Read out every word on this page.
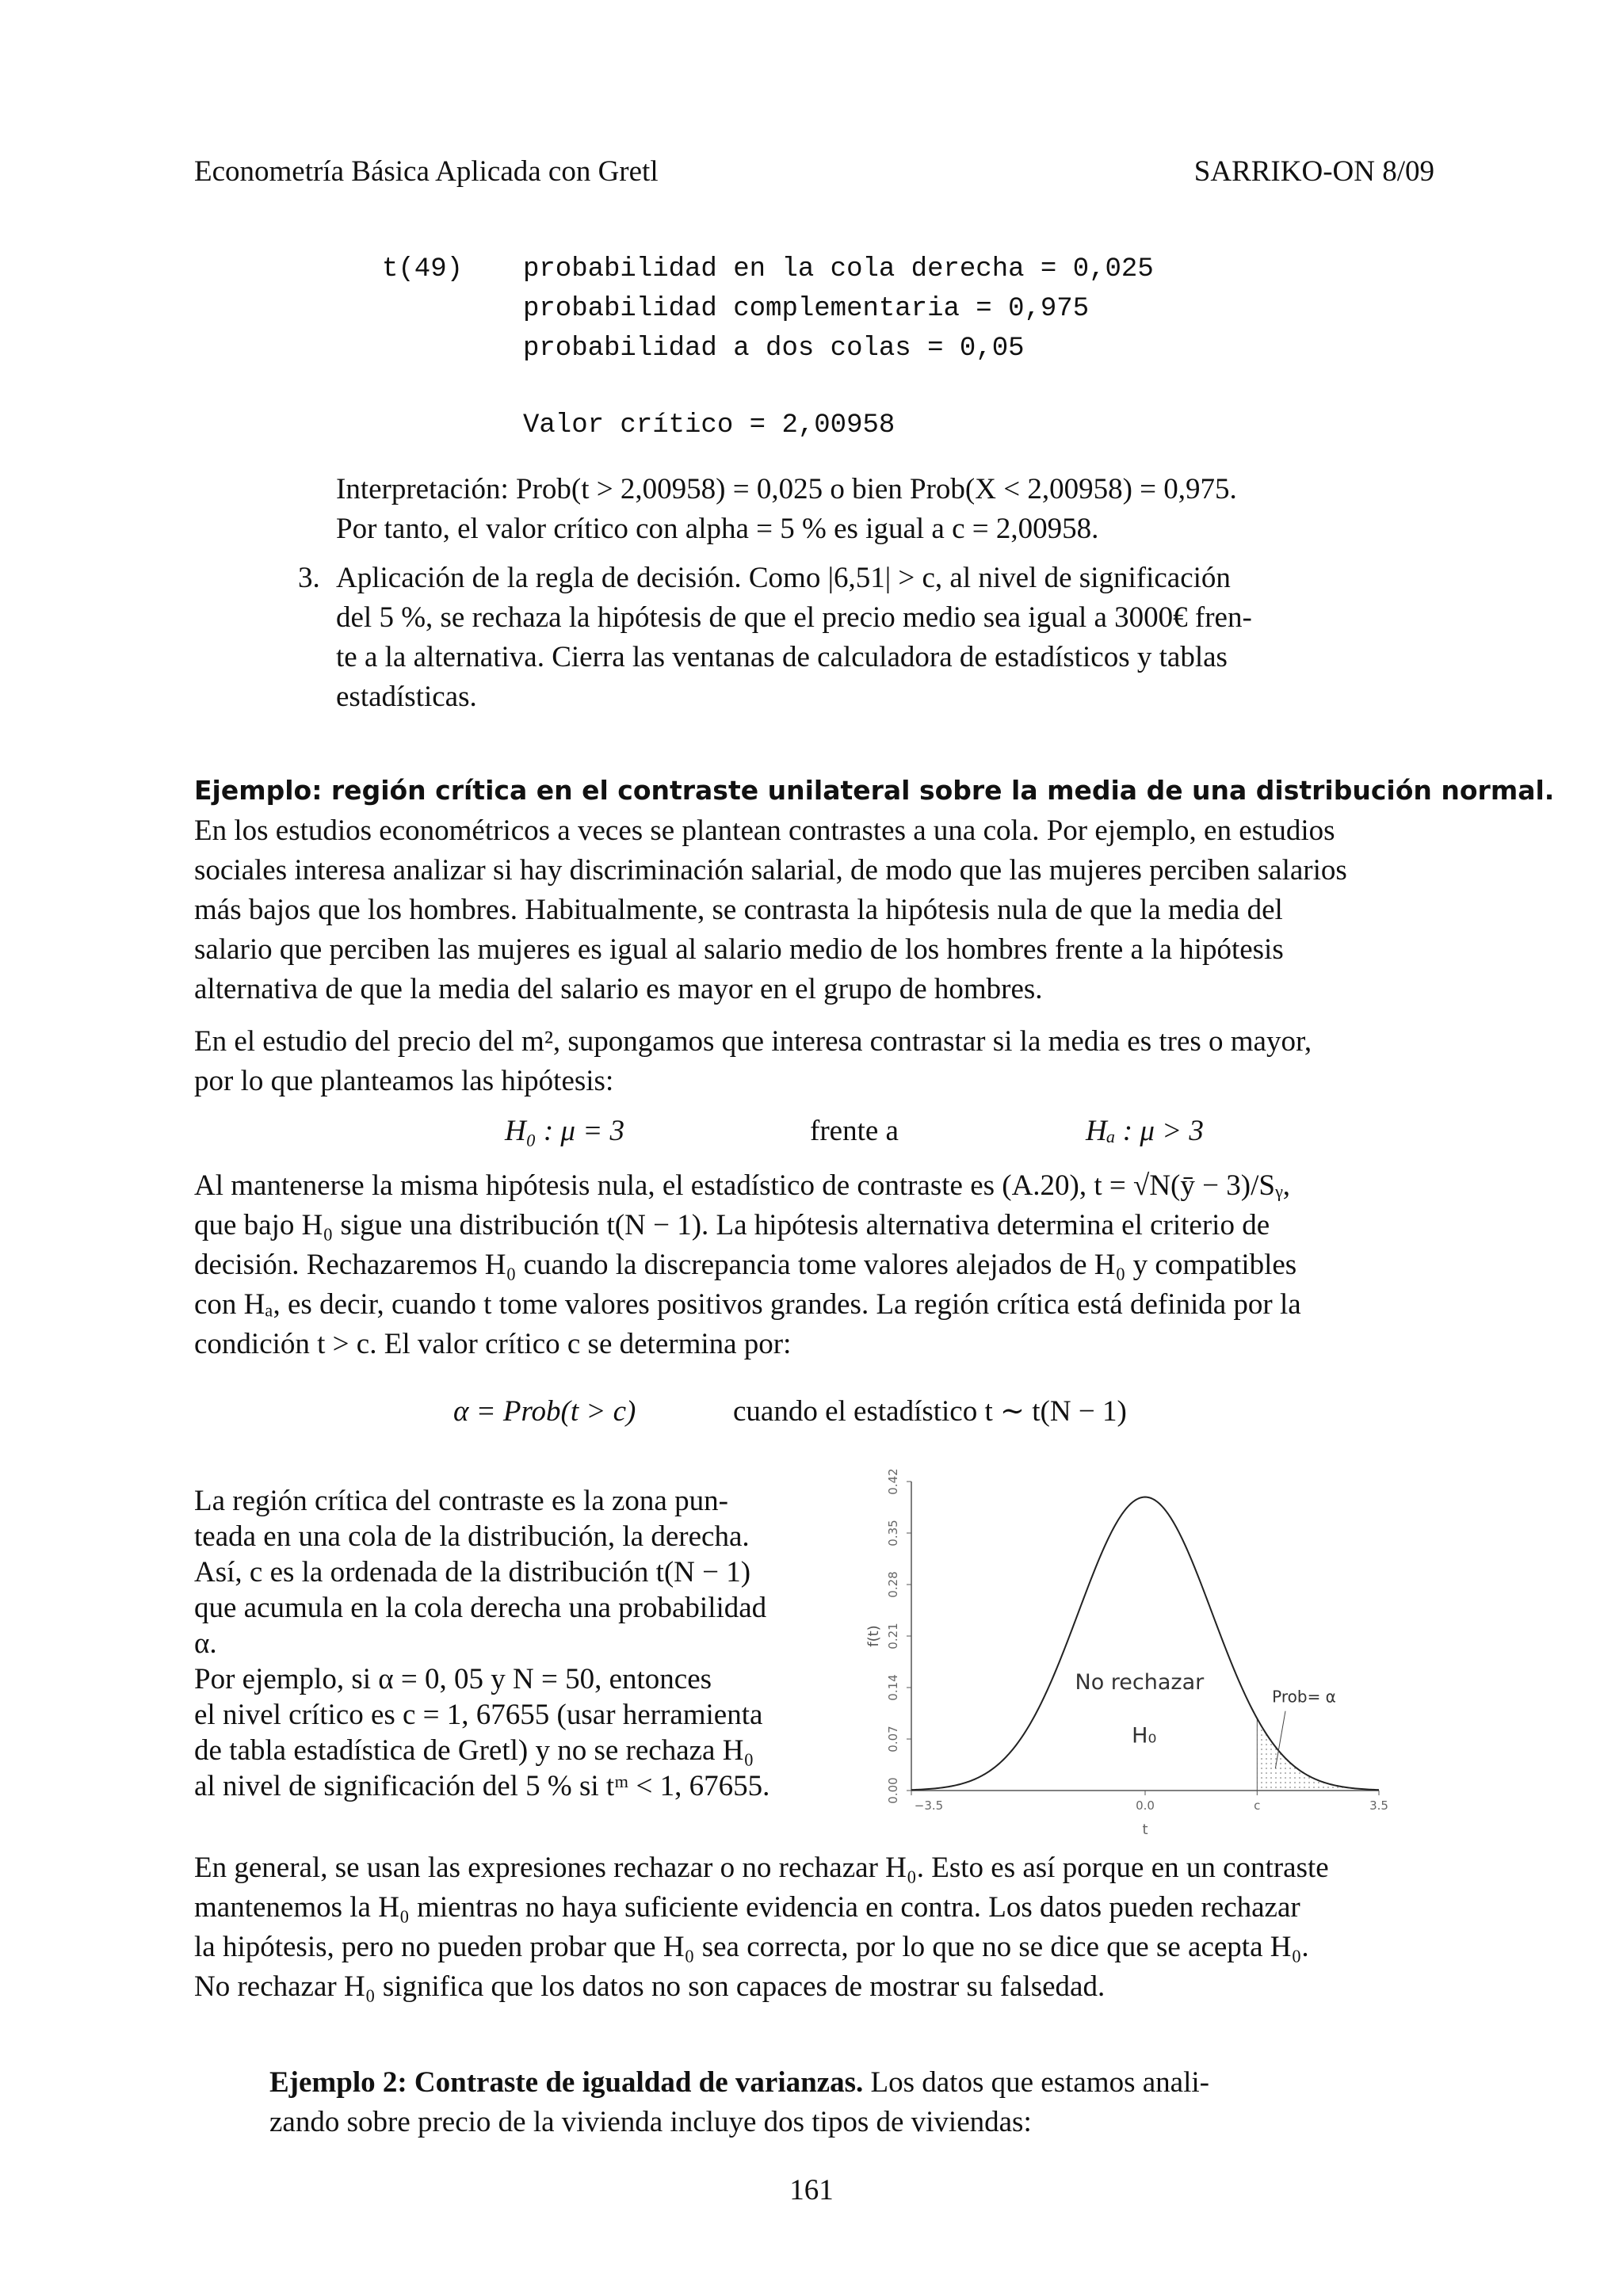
Econometría Básica Aplicada con Gretl	SARRIKO-ON 8/09
t(49) probabilidad en la cola derecha = 0,025
probabilidad complementaria = 0,975
probabilidad a dos colas = 0,05
Valor crítico = 2,00958
Interpretación: Prob(t > 2,00958) = 0,025 o bien Prob(X < 2,00958) = 0,975.
Por tanto, el valor crítico con alpha = 5 % es igual a c = 2,00958.
3. Aplicación de la regla de decisión. Como |6,51| > c, al nivel de significación
del 5 %, se rechaza la hipótesis de que el precio medio sea igual a 3000€ fren-
te a la alternativa. Cierra las ventanas de calculadora de estadísticos y tablas
estadísticas.
Ejemplo: región crítica en el contraste unilateral sobre la media de una distribución normal.
En los estudios econométricos a veces se plantean contrastes a una cola. Por ejemplo, en estudios
sociales interesa analizar si hay discriminación salarial, de modo que las mujeres perciben salarios
más bajos que los hombres. Habitualmente, se contrasta la hipótesis nula de que la media del
salario que perciben las mujeres es igual al salario medio de los hombres frente a la hipótesis
alternativa de que la media del salario es mayor en el grupo de hombres.
En el estudio del precio del m², supongamos que interesa contrastar si la media es tres o mayor,
por lo que planteamos las hipótesis:
H₀ : μ = 3	frente a	Hₐ : μ > 3
Al mantenerse la misma hipótesis nula, el estadístico de contraste es (A.20), t = √N(ȳ − 3)/Sᵧ,
que bajo H₀ sigue una distribución t(N − 1). La hipótesis alternativa determina el criterio de
decisión. Rechazaremos H₀ cuando la discrepancia tome valores alejados de H₀ y compatibles
con Hₐ, es decir, cuando t tome valores positivos grandes. La región crítica está definida por la
condición t > c. El valor crítico c se determina por:
α = Prob(t > c)	cuando el estadístico t ∼ t(N − 1)
La región crítica del contraste es la zona pun-
teada en una cola de la distribución, la derecha.
Así, c es la ordenada de la distribución t(N − 1)
que acumula en la cola derecha una probabilidad
α.
Por ejemplo, si α = 0, 05 y N = 50, entonces
el nivel crítico es c = 1, 67655 (usar herramienta
de tabla estadística de Gretl) y no se rechaza H₀
al nivel de significación del 5 % si tᵐ < 1, 67655.	0.00
0.07
0.14
0.21
0.28
0.35
0.42
f(t)
−3.5	0.0	c	3.5
t
No rechazar
H₀
Prob= α
En general, se usan las expresiones rechazar o no rechazar H₀. Esto es así porque en un contraste
mantenemos la H₀ mientras no haya suficiente evidencia en contra. Los datos pueden rechazar
la hipótesis, pero no pueden probar que H₀ sea correcta, por lo que no se dice que se acepta H₀.
No rechazar H₀ significa que los datos no son capaces de mostrar su falsedad.
Ejemplo 2: Contraste de igualdad de varianzas. Los datos que estamos anali-
zando sobre precio de la vivienda incluye dos tipos de viviendas:
161
